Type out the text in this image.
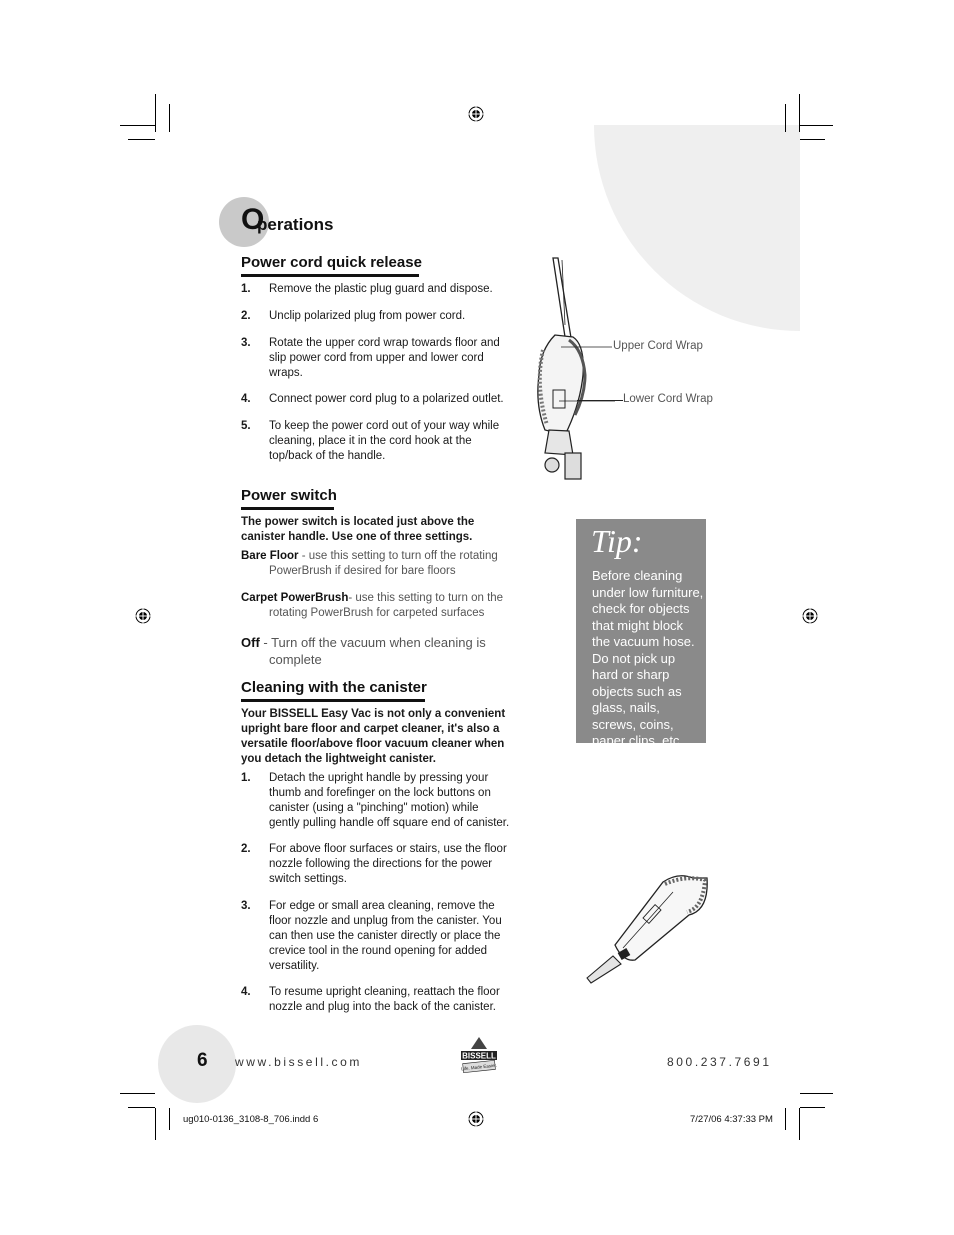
O
perations
Power cord quick release
1. Remove the plastic plug guard and dispose.
2. Unclip polarized plug from power cord.
3. Rotate the upper cord wrap towards floor and slip power cord from upper and lower cord wraps.
4. Connect power cord plug to a polarized outlet.
5. To keep the power cord out of your way while cleaning, place it in the cord hook at the top/back of the handle.
Power switch
The power switch is located just above the canister handle. Use one of three settings.
Bare Floor - use this setting to turn off the rotating
PowerBrush if desired for bare floors
Carpet PowerBrush- use this setting to turn on the
rotating PowerBrush for carpeted surfaces
Off - Turn off the vacuum when cleaning is
complete
Cleaning with the canister
Your BISSELL Easy Vac is not only a convenient upright bare floor and carpet cleaner, it's also a versatile floor/above floor vacuum cleaner when you detach the lightweight canister.
1. Detach the upright handle by pressing your thumb and forefinger on the lock buttons on canister (using a "pinching" motion) while gently pulling handle off square end of canister.
2. For above floor surfaces or stairs, use the floor nozzle following the directions for the power switch settings.
3. For edge or small area cleaning, remove the floor nozzle and unplug from the canister. You can then use the canister directly or place the crevice tool in the round opening for added versatility.
4. To resume upright cleaning, reattach the floor nozzle and plug into the back of the canister.
Upper Cord Wrap
Lower Cord Wrap
Tip:
Before cleaning under low furniture, check for objects that might block the vacuum hose. Do not pick up hard or sharp objects such as glass, nails, screws, coins, paper clips, etc.
6 www.bissell.com	BISSELL
Life. Made Easier.	800.237.7691
ug010-0136_3108-8_706.indd 6	7/27/06 4:37:33 PM
